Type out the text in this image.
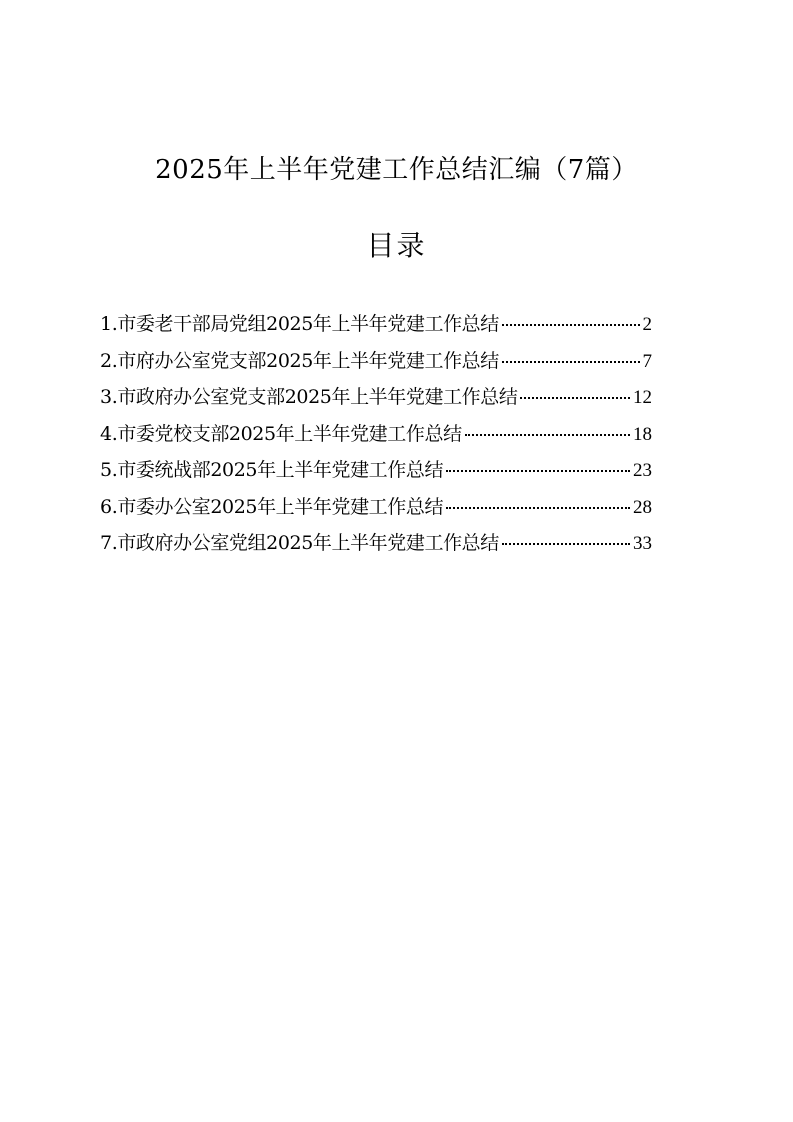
2025年上半年党建工作总结汇编（7篇）
目录
1.市委老干部局党组2025年上半年党建工作总结	2
2.市府办公室党支部2025年上半年党建工作总结	7
3.市政府办公室党支部2025年上半年党建工作总结	12
4.市委党校支部2025年上半年党建工作总结	18
5.市委统战部2025年上半年党建工作总结	23
6.市委办公室2025年上半年党建工作总结	28
7.市政府办公室党组2025年上半年党建工作总结	33
